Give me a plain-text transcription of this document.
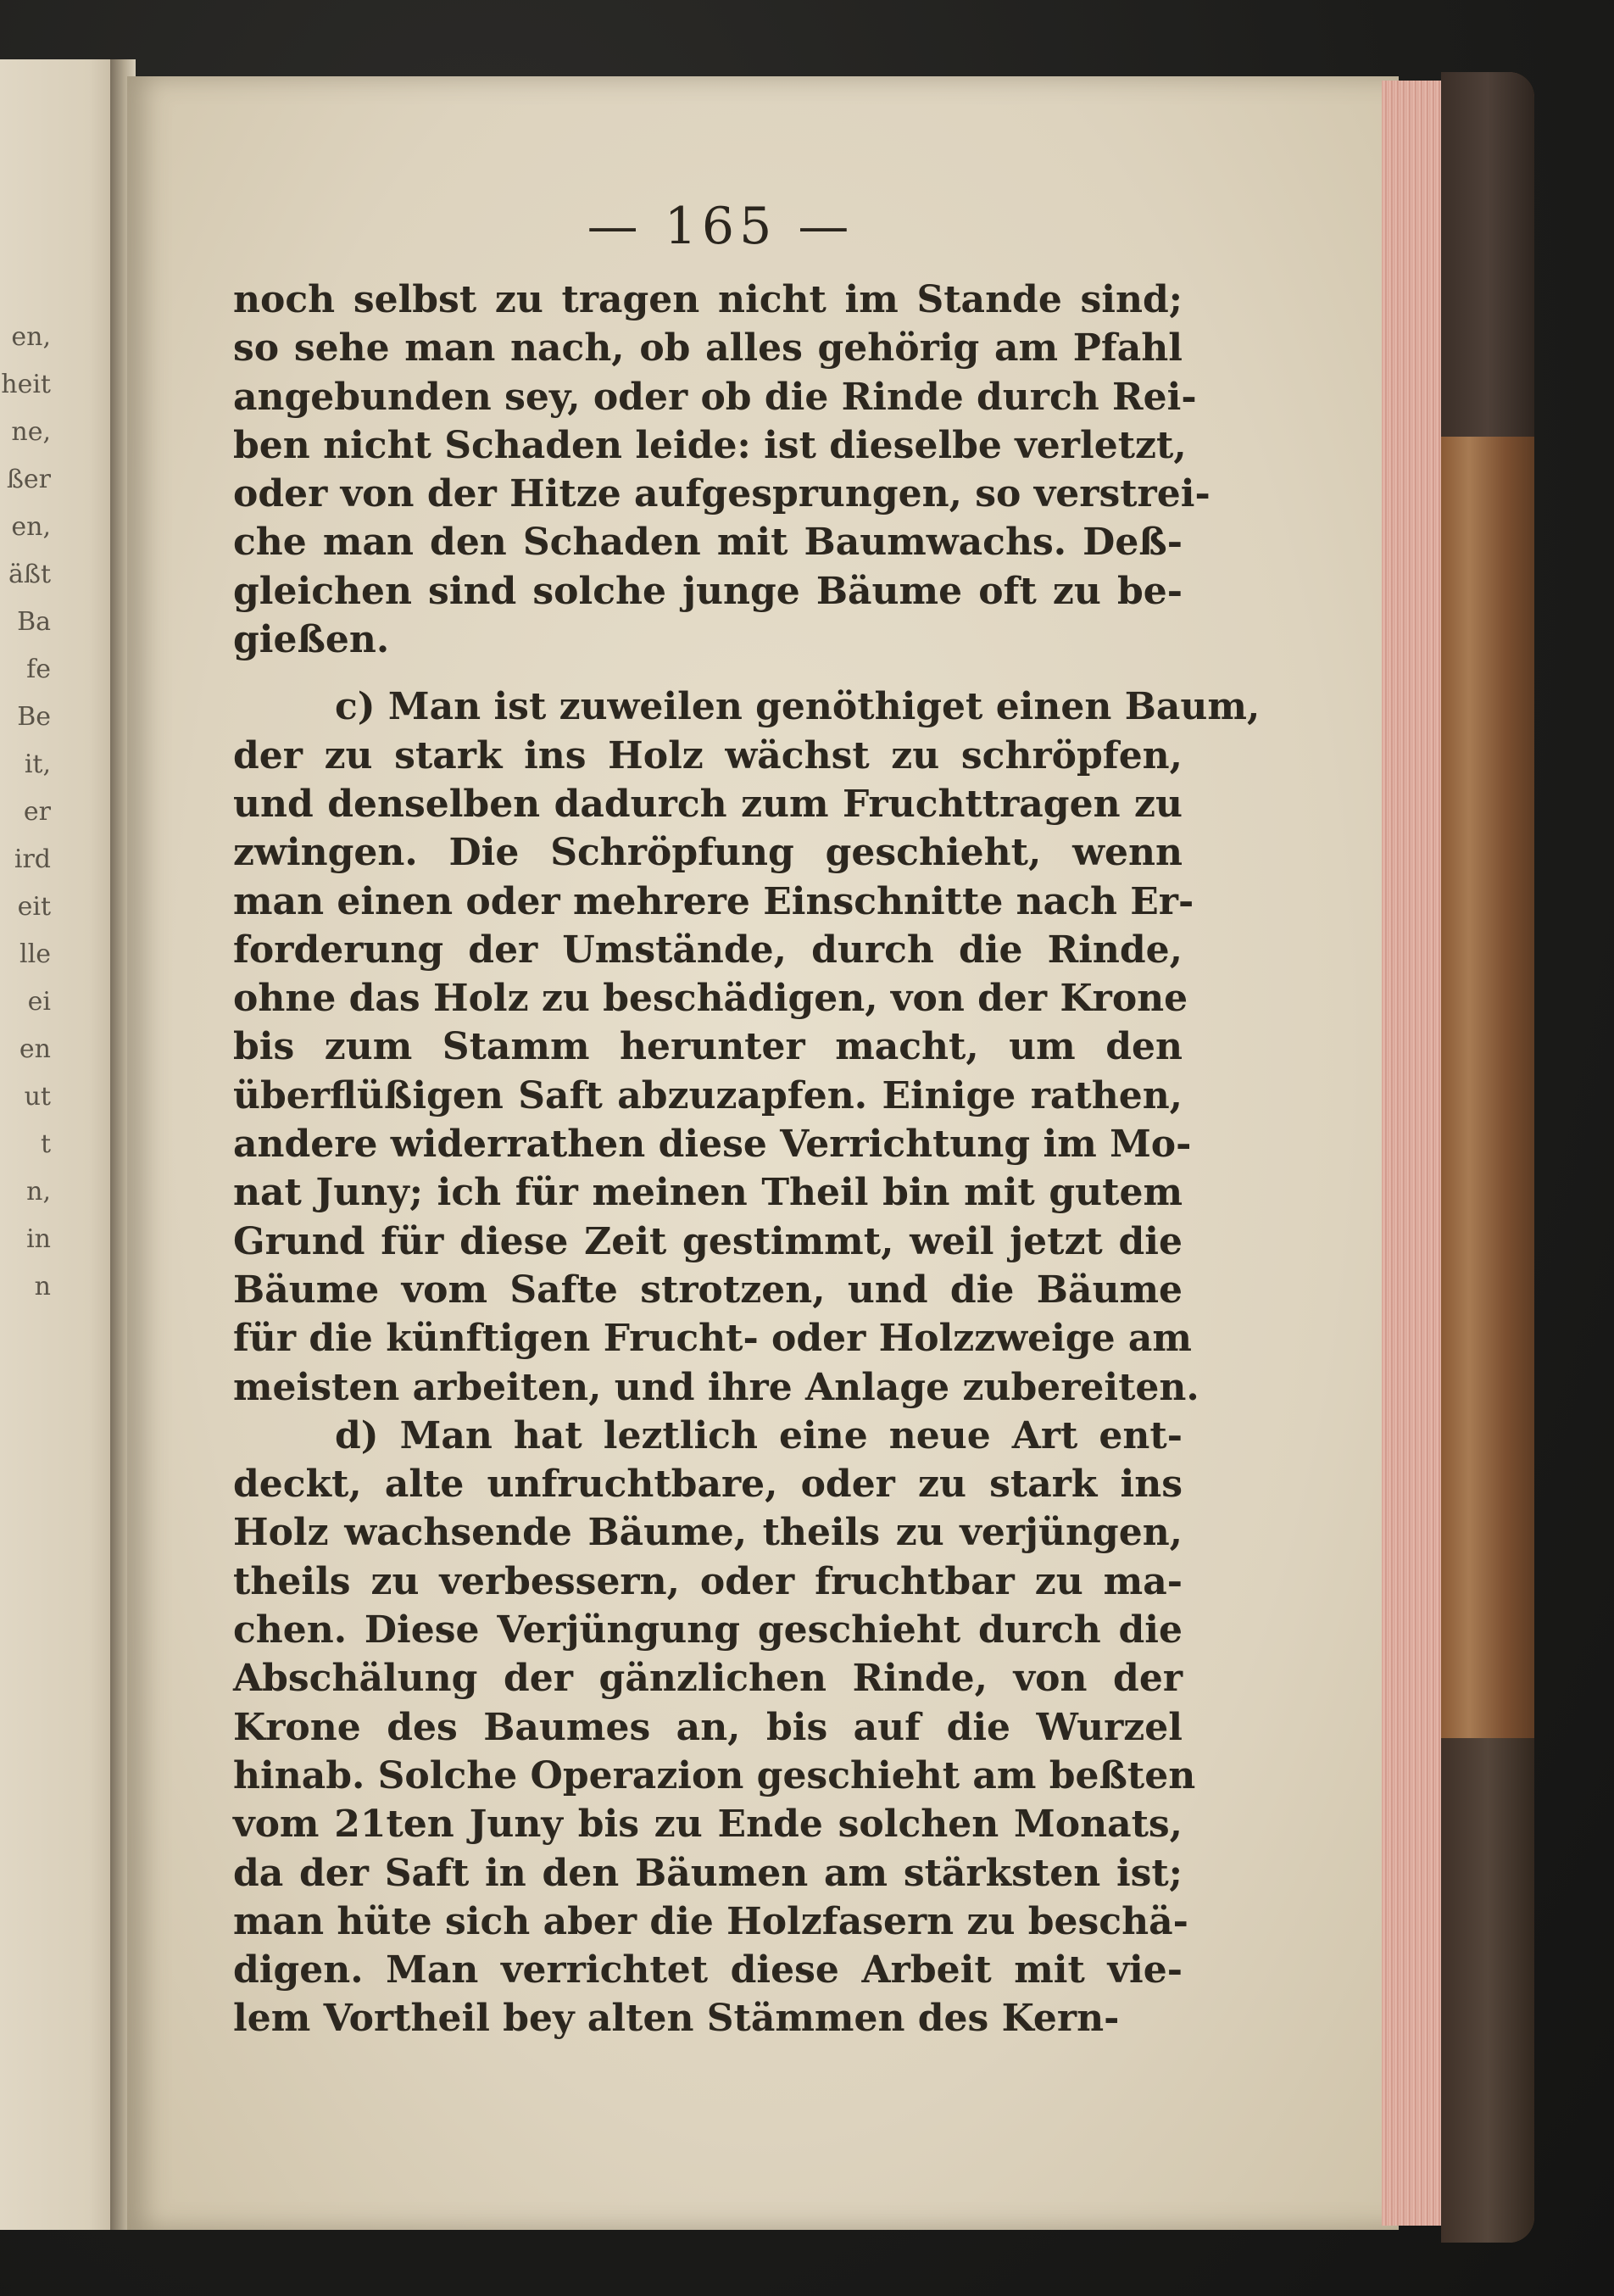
en,
heit
ne,
ßer
en,
äßt
Ba
fe
Be
it,
er
ird
eit
lle
ei
en
ut
t
n,
in
n
— 165 —
noch selbst zu tragen nicht im Stande sind;
so sehe man nach, ob alles gehörig am Pfahl
angebunden sey, oder ob die Rinde durch Rei-
ben nicht Schaden leide: ist dieselbe verletzt,
oder von der Hitze aufgesprungen, so verstrei-
che man den Schaden mit Baumwachs. Deß-
gleichen sind solche junge Bäume oft zu be-
gießen.
c) Man ist zuweilen genöthiget einen Baum,
der zu stark ins Holz wächst zu schröpfen,
und denselben dadurch zum Fruchttragen zu
zwingen. Die Schröpfung geschieht, wenn
man einen oder mehrere Einschnitte nach Er-
forderung der Umstände, durch die Rinde,
ohne das Holz zu beschädigen, von der Krone
bis zum Stamm herunter macht, um den
überflüßigen Saft abzuzapfen. Einige rathen,
andere widerrathen diese Verrichtung im Mo-
nat Juny; ich für meinen Theil bin mit gutem
Grund für diese Zeit gestimmt, weil jetzt die
Bäume vom Safte strotzen, und die Bäume
für die künftigen Frucht- oder Holzzweige am
meisten arbeiten, und ihre Anlage zubereiten.
d) Man hat leztlich eine neue Art ent-
deckt, alte unfruchtbare, oder zu stark ins
Holz wachsende Bäume, theils zu verjüngen,
theils zu verbessern, oder fruchtbar zu ma-
chen. Diese Verjüngung geschieht durch die
Abschälung der gänzlichen Rinde, von der
Krone des Baumes an, bis auf die Wurzel
hinab. Solche Operazion geschieht am beßten
vom 21ten Juny bis zu Ende solchen Monats,
da der Saft in den Bäumen am stärksten ist;
man hüte sich aber die Holzfasern zu beschä-
digen. Man verrichtet diese Arbeit mit vie-
lem Vortheil bey alten Stämmen des Kern-
